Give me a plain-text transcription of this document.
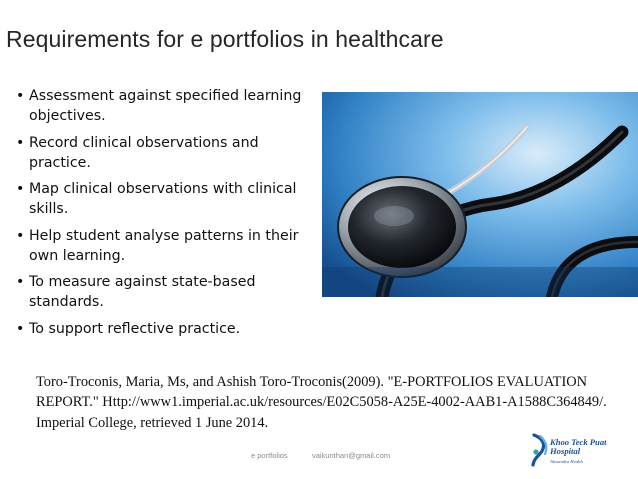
Requirements for e portfolios in healthcare
• Assessment against specified learning objectives.
• Record clinical observations and practice.
• Map clinical observations with clinical skills.
• Help student analyse patterns in their own learning.
• To measure against state-based standards.
• To support reflective practice.
Toro-Troconis, Maria, Ms, and Ashish Toro-Troconis(2009). "E-PORTFOLIOS EVALUATION REPORT." Http://www1.imperial.ac.uk/resources/E02C5058-A25E-4002-AAB1-A1588C364849/. Imperial College, retrieved 1 June 2014.
e portfolios	vaikunthan@gmail.com
Khoo Teck Puat Hospital
Alexandra Health
